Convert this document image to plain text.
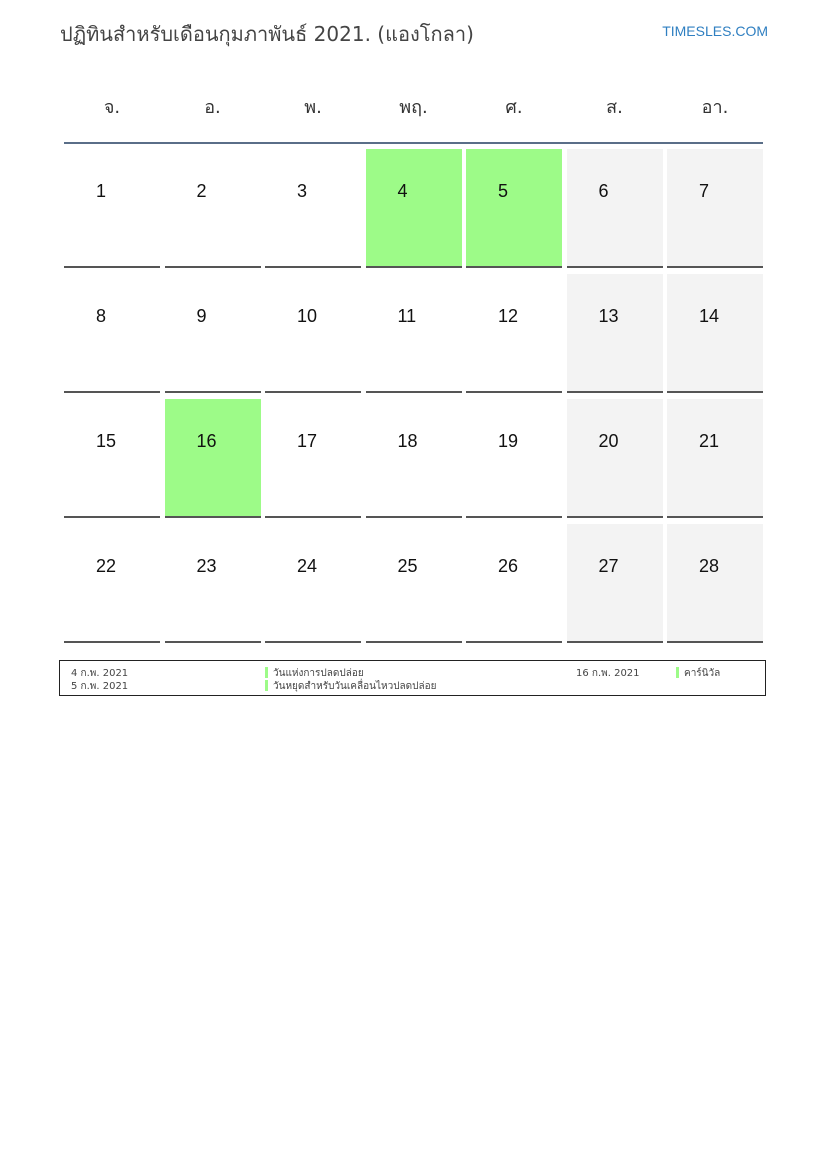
ปฏิทินสำหรับเดือนกุมภาพันธ์ 2021. (แองโกลา)	TIMESLES.COM
จ.	อ.	พ.	พฤ.	ศ.	ส.	อา.
1	2	3	4	5	6	7
8	9	10	11	12	13	14
15	16	17	18	19	20	21
22	23	24	25	26	27	28
4 ก.พ. 2021	วันแห่งการปลดปล่อย
5 ก.พ. 2021	วันหยุดสำหรับวันเคลื่อนไหวปลดปล่อย
16 ก.พ. 2021	คาร์นิวัล
